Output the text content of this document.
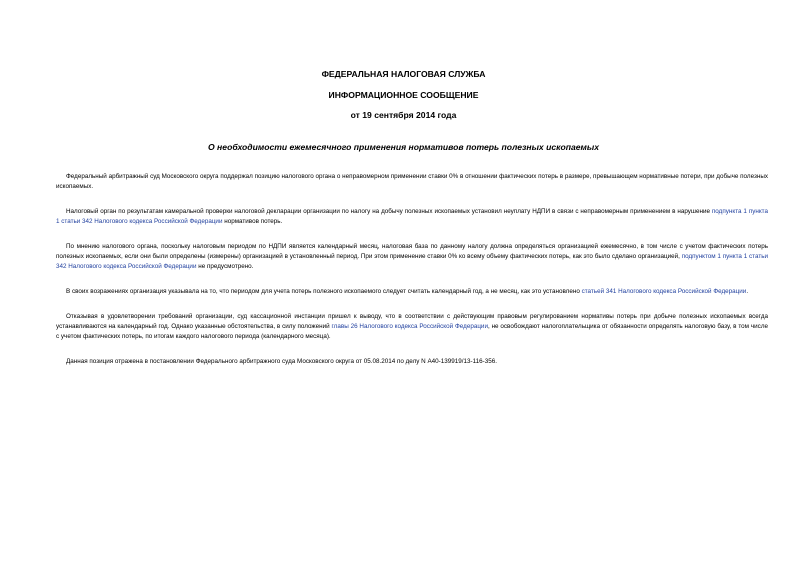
ФЕДЕРАЛЬНАЯ НАЛОГОВАЯ СЛУЖБА
ИНФОРМАЦИОННОЕ СООБЩЕНИЕ
от 19 сентября 2014 года
О необходимости ежемесячного применения нормативов потерь полезных ископаемых

Федеральный арбитражный суд Московского округа поддержал позицию налогового органа о неправомерном применении ставки 0% в отношении фактических потерь в размере, превышающем нормативные потери, при добыче полезных ископаемых.

Налоговый орган по результатам камеральной проверки налоговой декларации организации по налогу на добычу полезных ископаемых установил неуплату НДПИ в связи с неправомерным применением в нарушение подпункта 1 пункта 1 статьи 342 Налогового кодекса Российской Федерации нормативов потерь.

По мнению налогового органа, поскольку налоговым периодом по НДПИ является календарный месяц, налоговая база по данному налогу должна определяться организацией ежемесячно, в том числе с учетом фактических потерь полезных ископаемых, если они были определены (измерены) организацией в установленный период. При этом применение ставки 0% ко всему объему фактических потерь, как это было сделано организацией, подпунктом 1 пункта 1 статьи 342 Налогового кодекса Российской Федерации не предусмотрено.

В своих возражениях организация указывала на то, что периодом для учета потерь полезного ископаемого следует считать календарный год, а не месяц, как это установлено статьей 341 Налогового кодекса Российской Федерации.

Отказывая в удовлетворении требований организации, суд кассационной инстанции пришел к выводу, что в соответствии с действующим правовым регулированием нормативы потерь при добыче полезных ископаемых всегда устанавливаются на календарный год. Однако указанные обстоятельства, в силу положений главы 26 Налогового кодекса Российской Федерации, не освобождают налогоплательщика от обязанности определять налоговую базу, в том числе с учетом фактических потерь, по итогам каждого налогового периода (календарного месяца).

Данная позиция отражена в постановлении Федерального арбитражного суда Московского округа от 05.08.2014 по делу N А40-139919/13-116-356.
